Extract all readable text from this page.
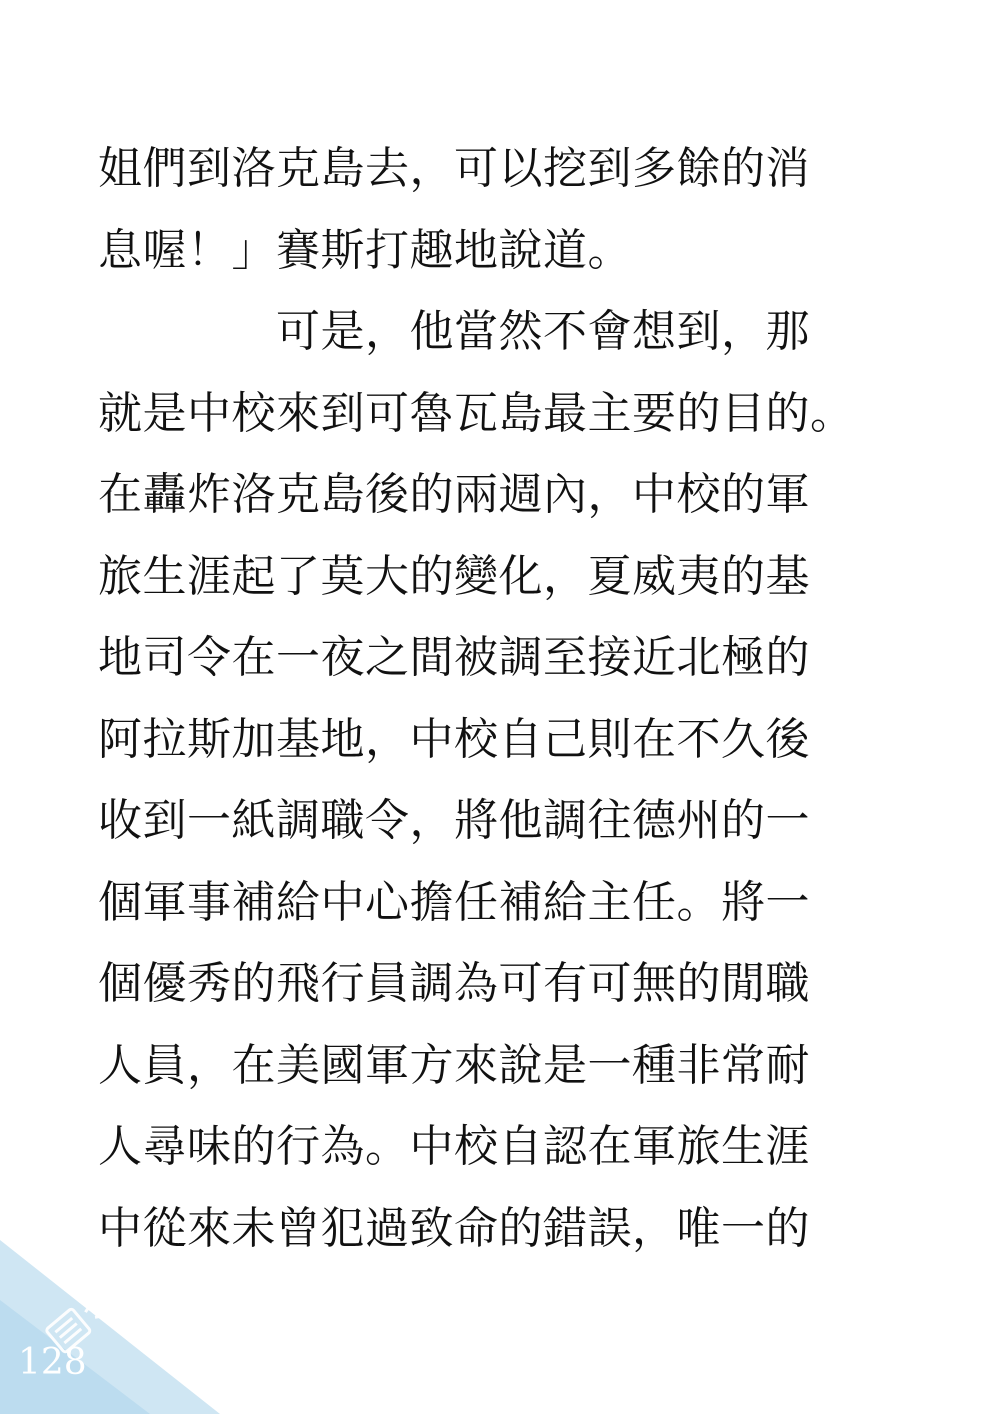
姐們到洛克島去，可以挖到多餘的消
息喔！」賽斯打趣地說道。
　　　　可是，他當然不會想到，那
就是中校來到可魯瓦島最主要的目的。
在轟炸洛克島後的兩週內，中校的軍
旅生涯起了莫大的變化，夏威夷的基
地司令在一夜之間被調至接近北極的
阿拉斯加基地，中校自己則在不久後
收到一紙調職令，將他調往德州的一
個軍事補給中心擔任補給主任。將一
個優秀的飛行員調為可有可無的閒職
人員，在美國軍方來說是一種非常耐
人尋味的行為。中校自認在軍旅生涯
中從來未曾犯過致命的錯誤，唯一的
128
